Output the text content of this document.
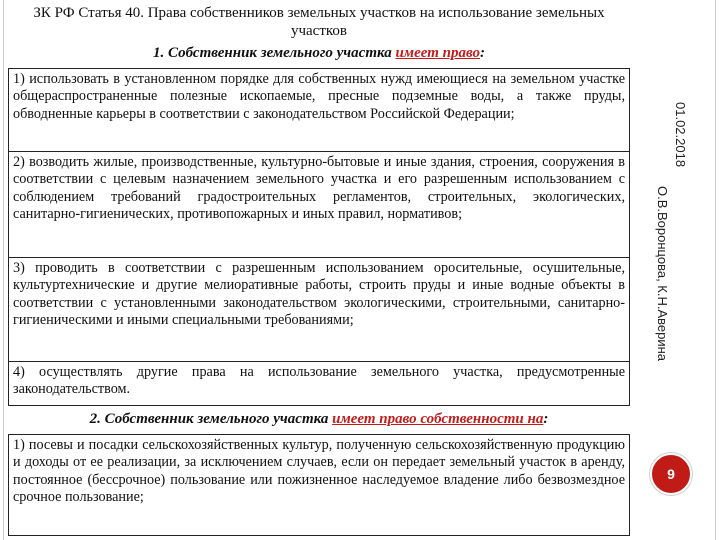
ЗК РФ Статья 40. Права собственников земельных участков на использование земельных участков
1. Собственник земельного участка имеет право:
1) использовать в установленном порядке для собственных нужд имеющиеся на земельном участке общераспространенные полезные ископаемые, пресные подземные воды, а также пруды, обводненные карьеры в соответствии с законодательством Российской Федерации;
2) возводить жилые, производственные, культурно-бытовые и иные здания, строения, сооружения в соответствии с целевым назначением земельного участка и его разрешенным использованием с соблюдением требований градостроительных регламентов, строительных, экологических, санитарно-гигиенических, противопожарных и иных правил, нормативов;
3) проводить в соответствии с разрешенным использованием оросительные, осушительные, культуртехнические и другие мелиоративные работы, строить пруды и иные водные объекты в соответствии с установленными законодательством экологическими, строительными, санитарно-гигиеническими и иными специальными требованиями;
4) осуществлять другие права на использование земельного участка, предусмотренные законодательством.
2. Собственник земельного участка имеет право собственности на:
1) посевы и посадки сельскохозяйственных культур, полученную сельскохозяйственную продукцию и доходы от ее реализации, за исключением случаев, если он передает земельный участок в аренду, постоянное (бессрочное) пользование или пожизненное наследуемое владение либо безвозмездное срочное пользование;
01.02.2018
О.В.Воронцова, К.Н.Аверина
9
